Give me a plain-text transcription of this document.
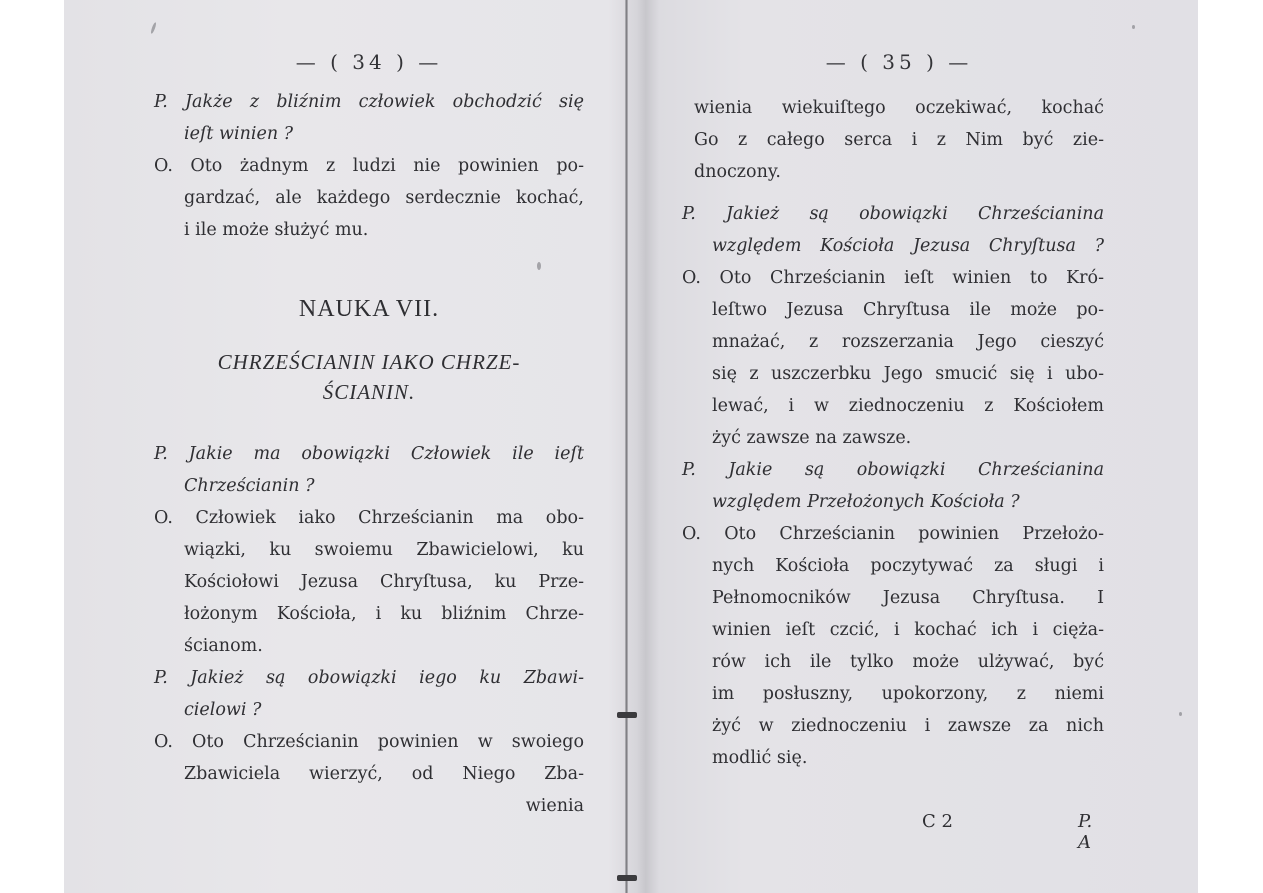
— ( 34 ) —
P. Jakże z bliźnim człowiek obchodzić się
ieſt winien ?
O. Oto żadnym z ludzi nie powinien po-
gardzać, ale każdego serdecznie kochać,
i ile może służyć mu.
NAUKA VII.
CHRZEŚCIANIN IAKO CHRZE-
ŚCIANIN.
P. Jakie ma obowiązki Człowiek ile ieſt
Chrześcianin ?
O. Człowiek iako Chrześcianin ma obo-
wiązki, ku swoiemu Zbawicielowi, ku
Kościołowi Jezusa Chryſtusa, ku Prze-
łożonym Kościoła, i ku bliźnim Chrze-
ścianom.
P. Jakież są obowiązki iego ku Zbawi-
cielowi ?
O. Oto Chrześcianin powinien w swoiego
Zbawiciela wierzyć, od Niego Zba-
wienia
— ( 35 ) —
wienia wiekuiſtego oczekiwać, kochać
Go z całego serca i z Nim być zie-
dnoczony.
P. Jakież są obowiązki Chrześcianina
względem Kościoła Jezusa Chryſtusa ?
O. Oto Chrześcianin ieſt winien to Kró-
leſtwo Jezusa Chryſtusa ile może po-
mnażać, z rozszerzania Jego cieszyć
się z uszczerbku Jego smucić się i ubo-
lewać, i w ziednoczeniu z Kościołem
żyć zawsze na zawsze.
P. Jakie są obowiązki Chrześcianina
względem Przełożonych Kościoła ?
O. Oto Chrześcianin powinien Przełożo-
nych Kościoła poczytywać za sługi i
Pełnomocników Jezusa Chryſtusa. I
winien ieſt czcić, i kochać ich i cięża-
rów ich ile tylko może ulżywać, być
im posłuszny, upokorzony, z niemi
żyć w ziednoczeniu i zawsze za nich
modlić się.
C 2	P. A
